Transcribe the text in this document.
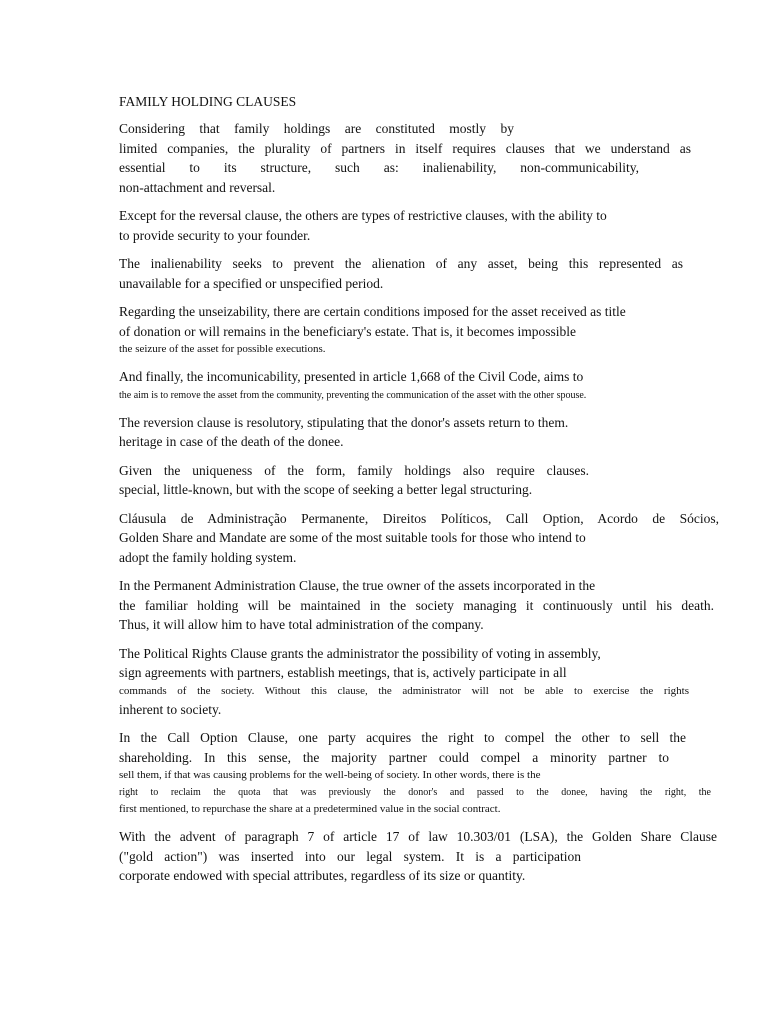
FAMILY HOLDING CLAUSES
Considering that family holdings are constituted mostly by
limited companies, the plurality of partners in itself requires clauses that we understand as
essential to its structure, such as: inalienability, non-communicability,
non-attachment and reversal.
Except for the reversal clause, the others are types of restrictive clauses, with the ability to
to provide security to your founder.
The inalienability seeks to prevent the alienation of any asset, being this represented as
unavailable for a specified or unspecified period.
Regarding the unseizability, there are certain conditions imposed for the asset received as title
of donation or will remains in the beneficiary's estate. That is, it becomes impossible
the seizure of the asset for possible executions.
And finally, the incomunicability, presented in article 1,668 of the Civil Code, aims to
the aim is to remove the asset from the community, preventing the communication of the asset with the other spouse.
The reversion clause is resolutory, stipulating that the donor's assets return to them.
heritage in case of the death of the donee.
Given the uniqueness of the form, family holdings also require clauses.
special, little-known, but with the scope of seeking a better legal structuring.
Cláusula de Administração Permanente, Direitos Políticos, Call Option, Acordo de Sócios,
Golden Share and Mandate are some of the most suitable tools for those who intend to
adopt the family holding system.
In the Permanent Administration Clause, the true owner of the assets incorporated in the
the familiar holding will be maintained in the society managing it continuously until his death.
Thus, it will allow him to have total administration of the company.
The Political Rights Clause grants the administrator the possibility of voting in assembly,
sign agreements with partners, establish meetings, that is, actively participate in all
commands of the society. Without this clause, the administrator will not be able to exercise the rights
inherent to society.
In the Call Option Clause, one party acquires the right to compel the other to sell the
shareholding. In this sense, the majority partner could compel a minority partner to
sell them, if that was causing problems for the well-being of society. In other words, there is the
right to reclaim the quota that was previously the donor's and passed to the donee, having the right, the
first mentioned, to repurchase the share at a predetermined value in the social contract.
With the advent of paragraph 7 of article 17 of law 10.303/01 (LSA), the Golden Share Clause
("gold action") was inserted into our legal system. It is a participation
corporate endowed with special attributes, regardless of its size or quantity.
